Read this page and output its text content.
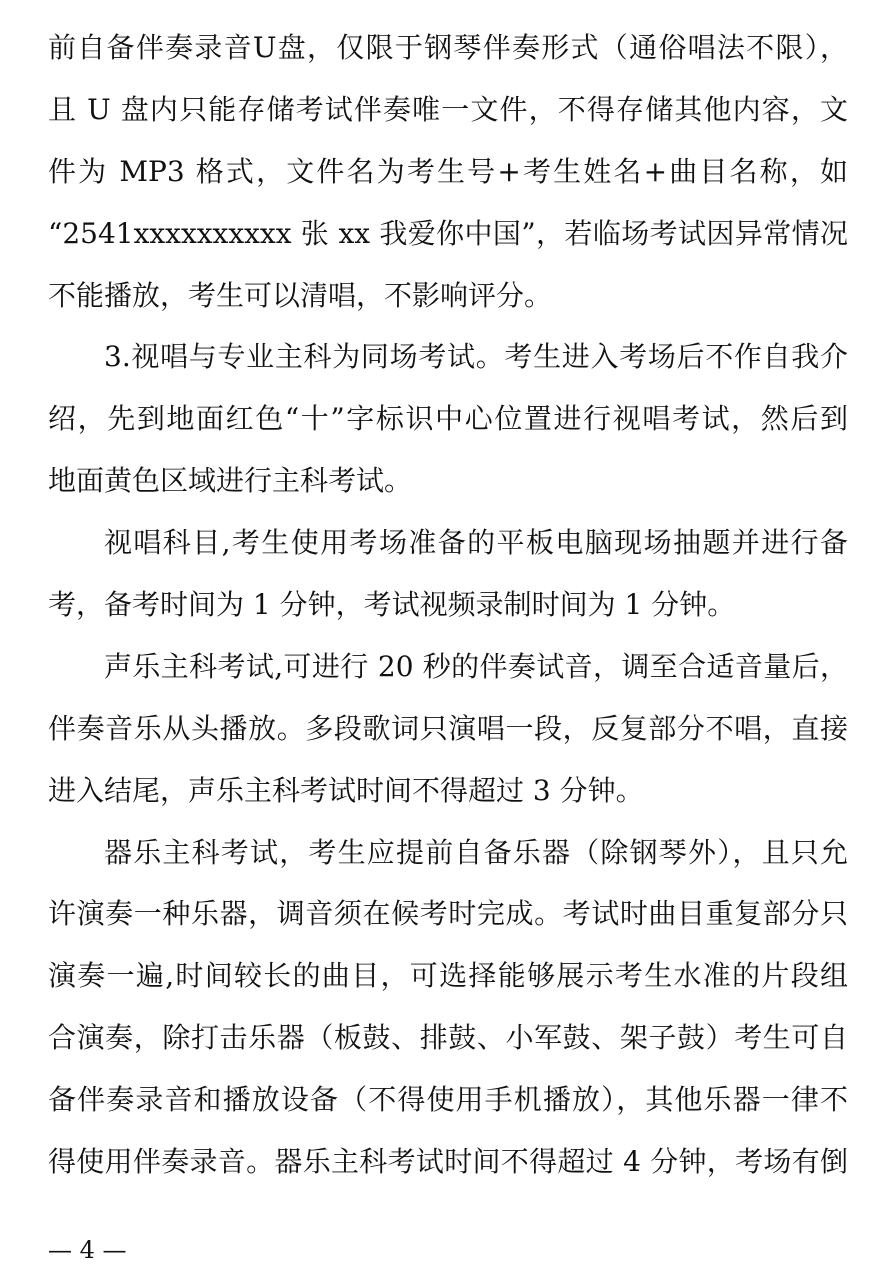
前自备伴奏录音U盘，仅限于钢琴伴奏形式（通俗唱法不限），
且 U 盘内只能存储考试伴奏唯一文件，不得存储其他内容，文
件为 MP3 格式，文件名为考生号+考生姓名+曲目名称，如
“2541xxxxxxxxxx 张 xx 我爱你中国”，若临场考试因异常情况
不能播放，考生可以清唱，不影响评分。
3.视唱与专业主科为同场考试。考生进入考场后不作自我介
绍，先到地面红色“十”字标识中心位置进行视唱考试，然后到
地面黄色区域进行主科考试。
视唱科目,考生使用考场准备的平板电脑现场抽题并进行备
考，备考时间为 1 分钟，考试视频录制时间为 1 分钟。
声乐主科考试,可进行 20 秒的伴奏试音，调至合适音量后，
伴奏音乐从头播放。多段歌词只演唱一段，反复部分不唱，直接
进入结尾，声乐主科考试时间不得超过 3 分钟。
器乐主科考试，考生应提前自备乐器（除钢琴外），且只允
许演奏一种乐器，调音须在候考时完成。考试时曲目重复部分只
演奏一遍,时间较长的曲目，可选择能够展示考生水准的片段组
合演奏，除打击乐器（板鼓、排鼓、小军鼓、架子鼓）考生可自
备伴奏录音和播放设备（不得使用手机播放），其他乐器一律不
得使用伴奏录音。器乐主科考试时间不得超过 4 分钟，考场有倒
— 4 —
